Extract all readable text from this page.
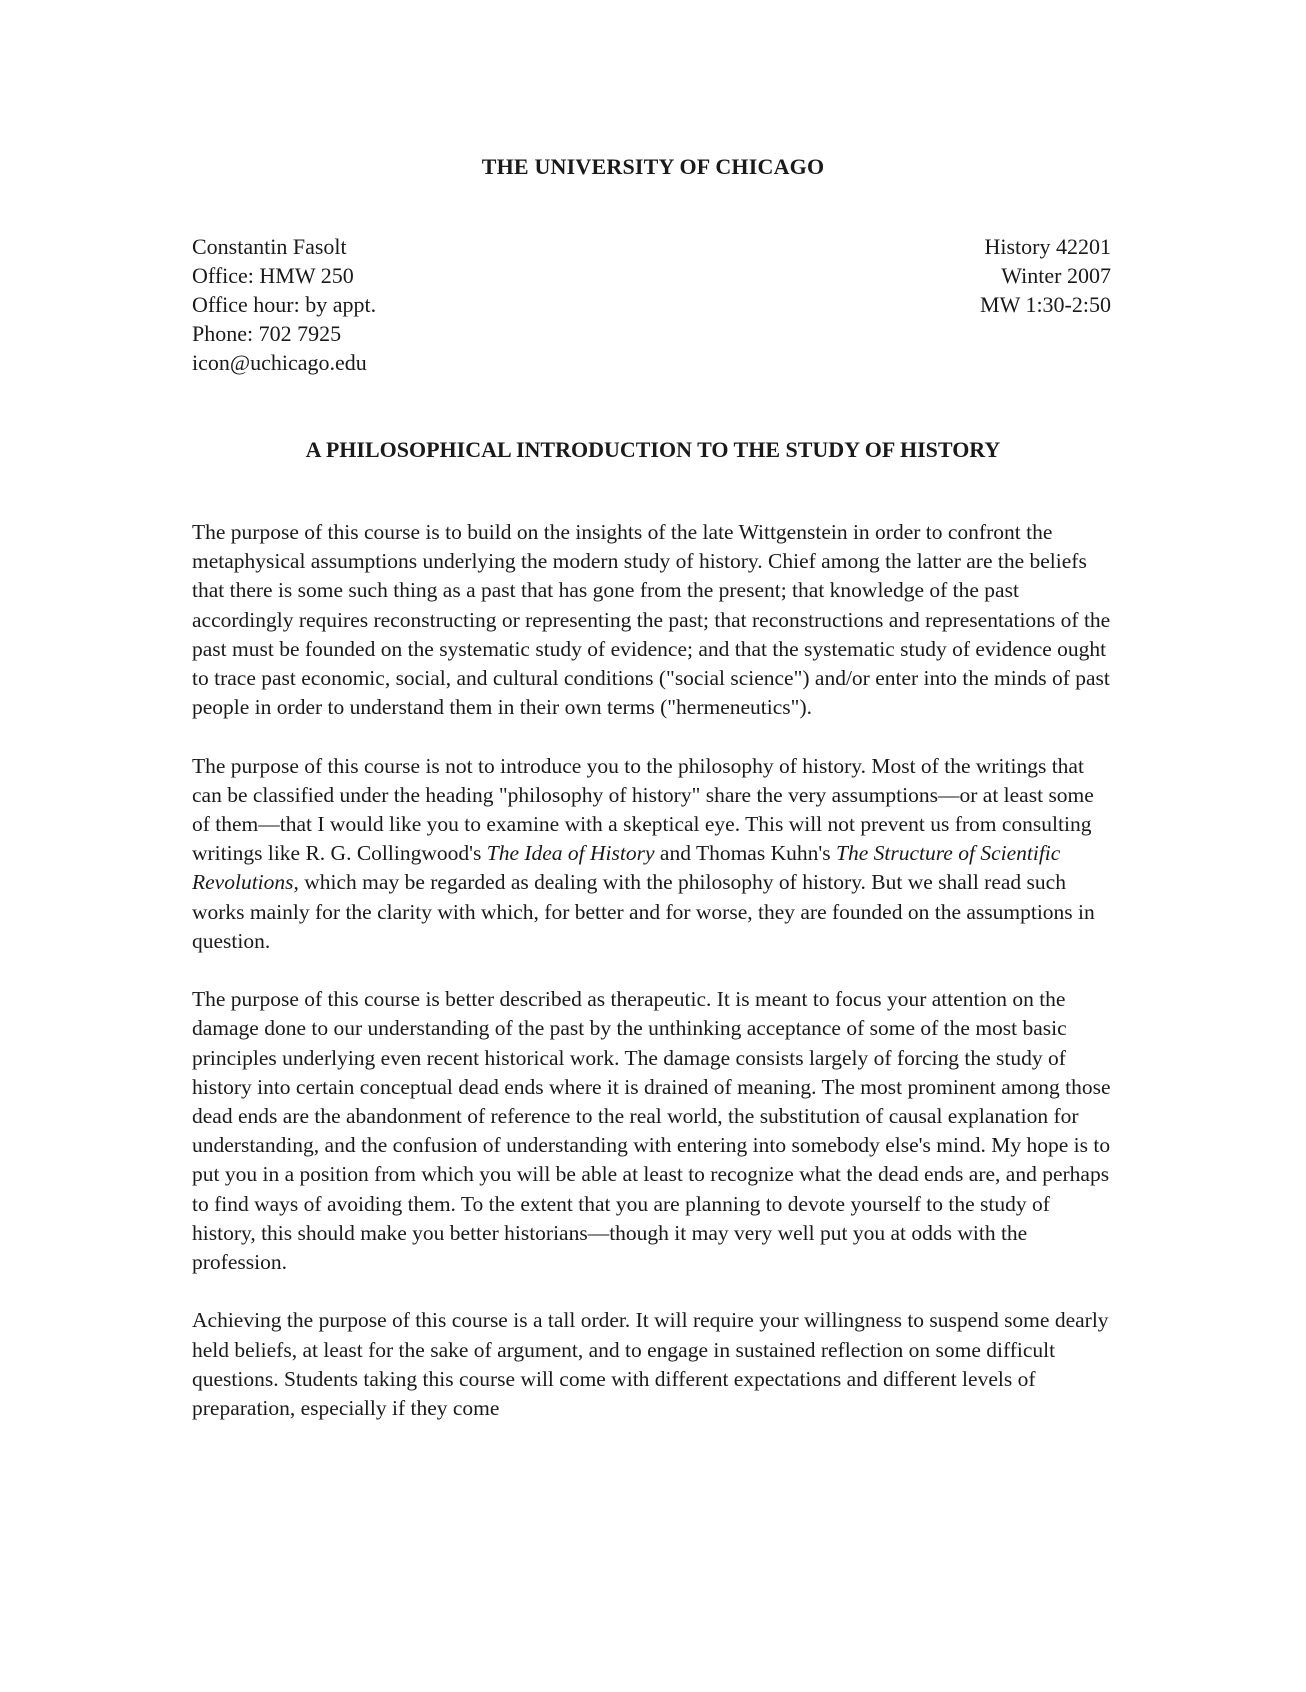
THE UNIVERSITY OF CHICAGO
Constantin Fasolt
Office: HMW 250
Office hour: by appt.
Phone: 702 7925
icon@uchicago.edu
History 42201
Winter 2007
MW 1:30-2:50
A PHILOSOPHICAL INTRODUCTION TO THE STUDY OF HISTORY

The purpose of this course is to build on the insights of the late Wittgenstein in order to confront the metaphysical assumptions underlying the modern study of history. Chief among the latter are the beliefs that there is some such thing as a past that has gone from the present; that knowledge of the past accordingly requires reconstructing or representing the past; that reconstructions and representations of the past must be founded on the systematic study of evidence; and that the systematic study of evidence ought to trace past economic, social, and cultural conditions ("social science") and/or enter into the minds of past people in order to understand them in their own terms ("hermeneutics").

The purpose of this course is not to introduce you to the philosophy of history. Most of the writings that can be classified under the heading "philosophy of history" share the very assumptions—or at least some of them—that I would like you to examine with a skeptical eye. This will not prevent us from consulting writings like R. G. Collingwood's The Idea of History and Thomas Kuhn's The Structure of Scientific Revolutions, which may be regarded as dealing with the philosophy of history. But we shall read such works mainly for the clarity with which, for better and for worse, they are founded on the assumptions in question.

The purpose of this course is better described as therapeutic. It is meant to focus your attention on the damage done to our understanding of the past by the unthinking acceptance of some of the most basic principles underlying even recent historical work. The damage consists largely of forcing the study of history into certain conceptual dead ends where it is drained of meaning. The most prominent among those dead ends are the abandonment of reference to the real world, the substitution of causal explanation for understanding, and the confusion of understanding with entering into somebody else's mind. My hope is to put you in a position from which you will be able at least to recognize what the dead ends are, and perhaps to find ways of avoiding them. To the extent that you are planning to devote yourself to the study of history, this should make you better historians—though it may very well put you at odds with the profession.

Achieving the purpose of this course is a tall order. It will require your willingness to suspend some dearly held beliefs, at least for the sake of argument, and to engage in sustained reflection on some difficult questions. Students taking this course will come with different expectations and different levels of preparation, especially if they come
